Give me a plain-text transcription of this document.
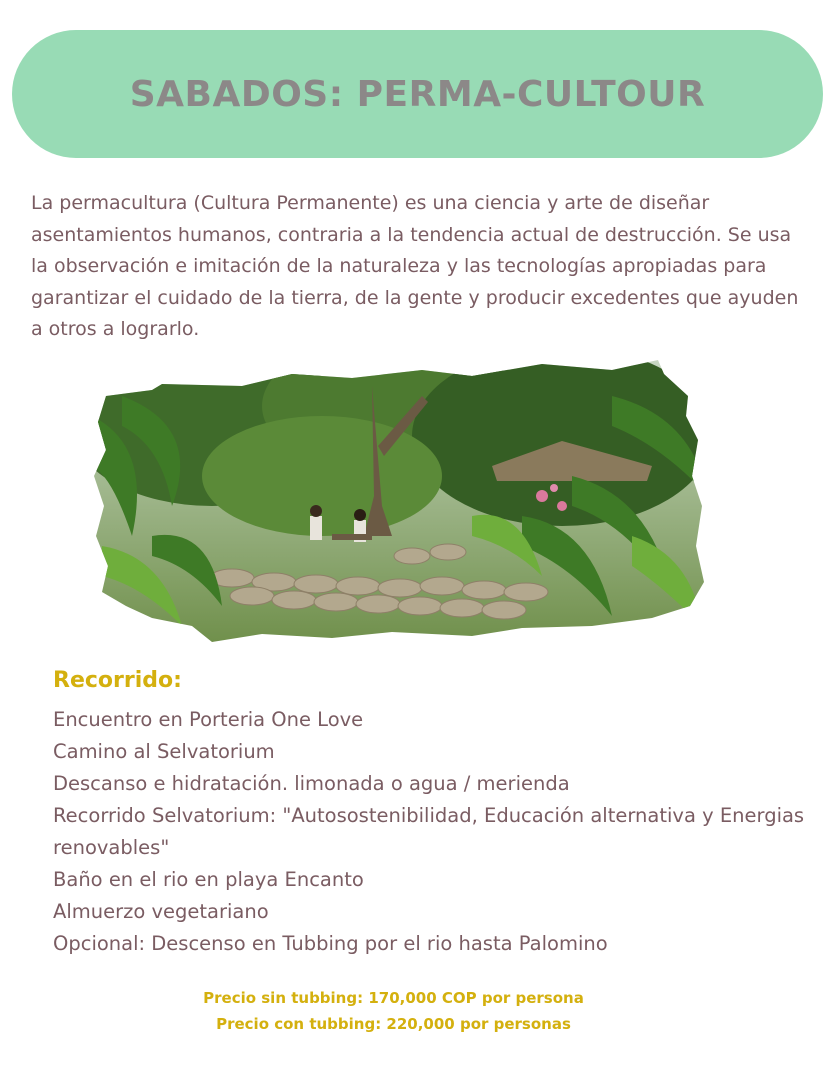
SABADOS: PERMA-CULTOUR

La permacultura (Cultura Permanente) es una ciencia y arte de diseñar asentamientos humanos, contraria a la tendencia actual de destrucción. Se usa la observación e imitación de la naturaleza y las tecnologías apropiadas para garantizar el cuidado de la tierra, de la gente y producir excedentes que ayuden a otros a lograrlo.

Recorrido:
Encuentro en Porteria One Love
Camino al Selvatorium
Descanso e hidratación. limonada o agua / merienda
Recorrido Selvatorium: "Autosostenibilidad, Educación alternativa y Energias renovables"
Baño en el rio en playa Encanto
Almuerzo vegetariano
Opcional: Descenso en Tubbing por el rio hasta Palomino
Precio sin tubbing: 170,000 COP por persona
Precio con tubbing: 220,000 por personas
